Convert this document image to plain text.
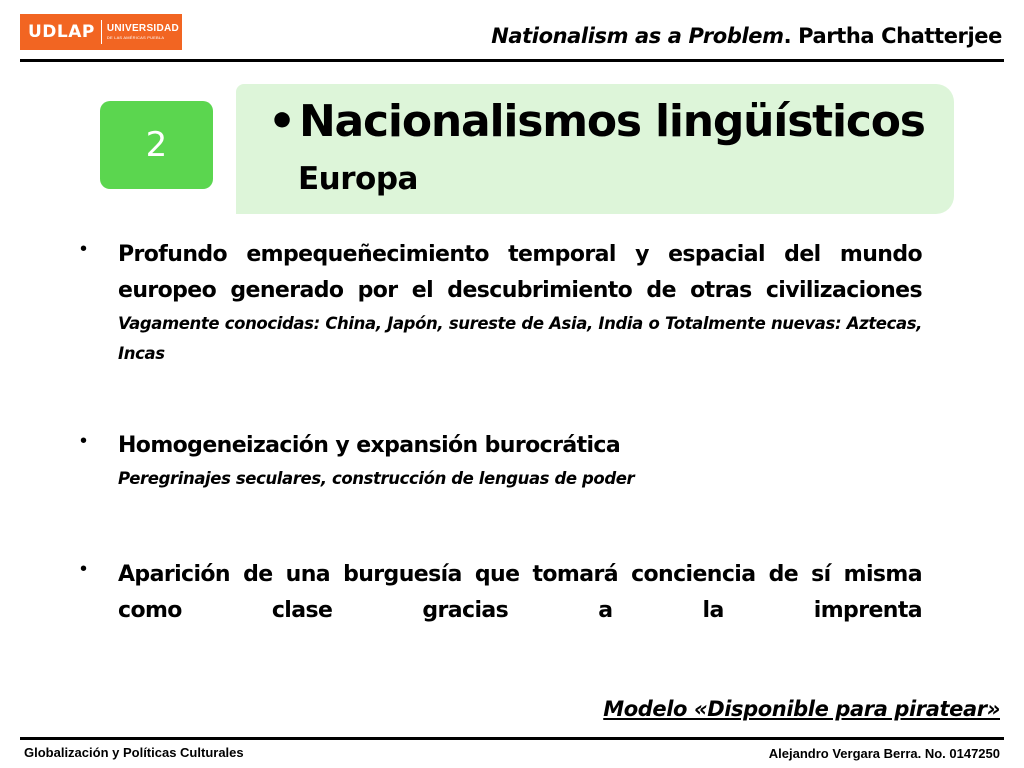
UDLAP UNIVERSIDAD
DE LAS AMÉRICAS PUEBLA	Nationalism as a Problem. Partha Chatterjee
2	•Nacionalismos lingüísticos
Europa
• Profundo empequeñecimiento temporal y espacial del mundo europeo generado por el descubrimiento de otras civilizaciones
Vagamente conocidas: China, Japón, sureste de Asia, India o Totalmente nuevas: Aztecas, Incas
• Homogeneización y expansión burocrática
Peregrinajes seculares, construcción de lenguas de poder
• Aparición de una burguesía que tomará conciencia de sí misma como clase gracias a la imprenta
Modelo «Disponible para piratear»
Globalización y Políticas Culturales	Alejandro Vergara Berra. No. 0147250
